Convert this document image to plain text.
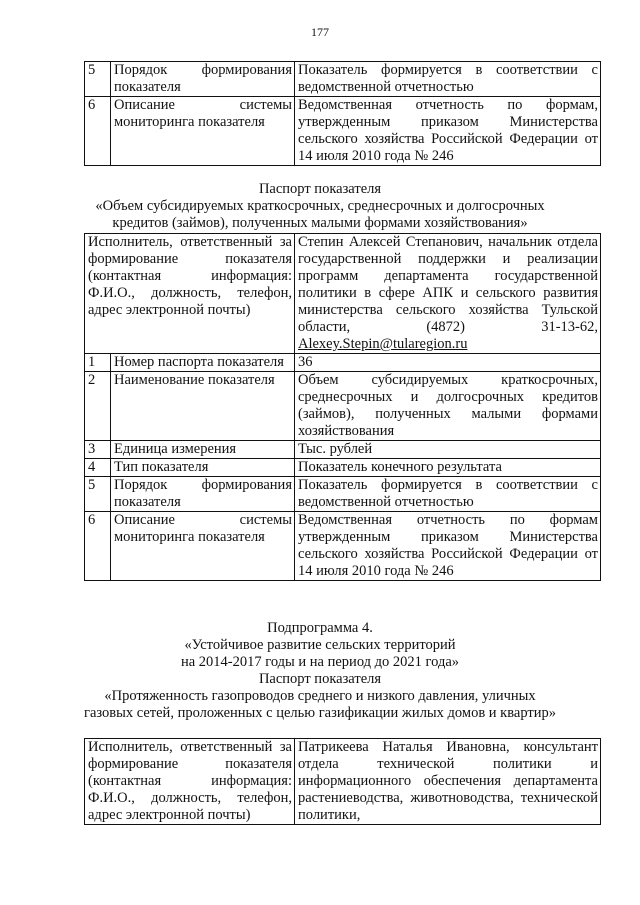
177
5	Порядок формирования показателя	Показатель формируется в соответствии с ведомственной отчетностью
6	Описание системы мониторинга показателя	Ведомственная отчетность по формам, утвержденным приказом Министерства сельского хозяйства Российской Федерации от 14 июля 2010 года № 246
Паспорт показателя
«Объем субсидируемых краткосрочных, среднесрочных и долгосрочных
кредитов (займов), полученных малыми формами хозяйствования»
Исполнитель, ответственный за формирование показателя (контактная информация: Ф.И.О., должность, телефон, адрес электронной почты)		Степин Алексей Степанович, начальник отдела государственной поддержки и реализации программ департамента государственной политики в сфере АПК и сельского развития министерства сельского хозяйства Тульской области, (4872) 31-13-62, Alexey.Stepin@tularegion.ru
1	Номер паспорта показателя	36
2	Наименование показателя	Объем субсидируемых краткосрочных, среднесрочных и долгосрочных кредитов (займов), полученных малыми формами хозяйствования
3	Единица измерения	Тыс. рублей
4	Тип показателя	Показатель конечного результата
5	Порядок формирования показателя	Показатель формируется в соответствии с ведомственной отчетностью
6	Описание системы мониторинга показателя	Ведомственная отчетность по формам утвержденным приказом Министерства сельского хозяйства Российской Федерации от 14 июля 2010 года № 246
Подпрограмма 4.
«Устойчивое развитие сельских территорий
на 2014-2017 годы и на период до 2021 года»
Паспорт показателя
«Протяженность газопроводов среднего и низкого давления, уличных
газовых сетей, проложенных с целью газификации жилых домов и квартир»
Исполнитель, ответственный за формирование показателя (контактная информация: Ф.И.О., должность, телефон, адрес электронной почты)	Патрикеева Наталья Ивановна, консультант отдела технической политики и информационного обеспечения департамента растениеводства, животноводства, технической политики,
